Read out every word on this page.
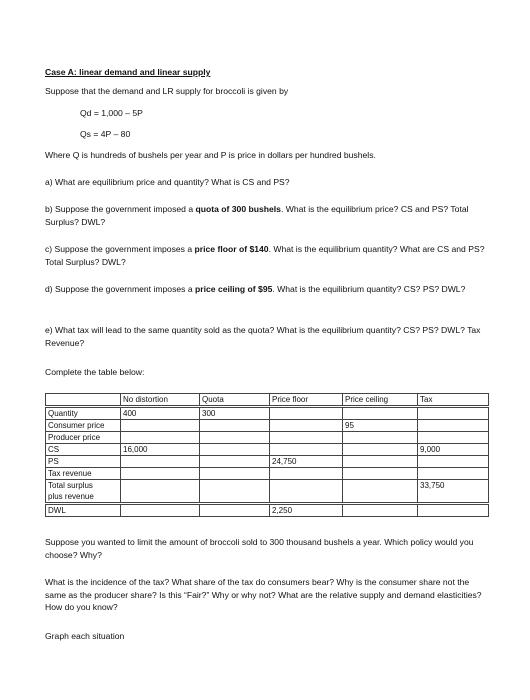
Case A: linear demand and linear supply

Suppose that the demand and LR supply for broccoli is given by

Qd = 1,000 – 5P

Qs = 4P – 80

Where Q is hundreds of bushels per year and P is price in dollars per hundred bushels.

a) What are equilibrium price and quantity? What is CS and PS?

b) Suppose the government imposed a quota of 300 bushels. What is the equilibrium price? CS and PS? Total Surplus? DWL?

c) Suppose the government imposes a price floor of $140. What is the equilibrium quantity? What are CS and PS? Total Surplus? DWL?

d) Suppose the government imposes a price ceiling of $95. What is the equilibrium quantity? CS? PS? DWL?

e) What tax will lead to the same quantity sold as the quota? What is the equilibrium quantity? CS? PS? DWL? Tax Revenue?

Complete the table below:

	No distortion	Quota	Price floor	Price ceiling	Tax
Quantity	400	300			
Consumer price				95	
Producer price					
CS	16,000				9,000
PS			24,750		
Tax revenue					
Total surplus
plus revenue					33,750
DWL			2,250		

Suppose you wanted to limit the amount of broccoli sold to 300 thousand bushels a year. Which policy would you choose? Why?

What is the incidence of the tax? What share of the tax do consumers bear? Why is the consumer share not the same as the producer share? Is this “Fair?” Why or why not? What are the relative supply and demand elasticities? How do you know?

Graph each situation
